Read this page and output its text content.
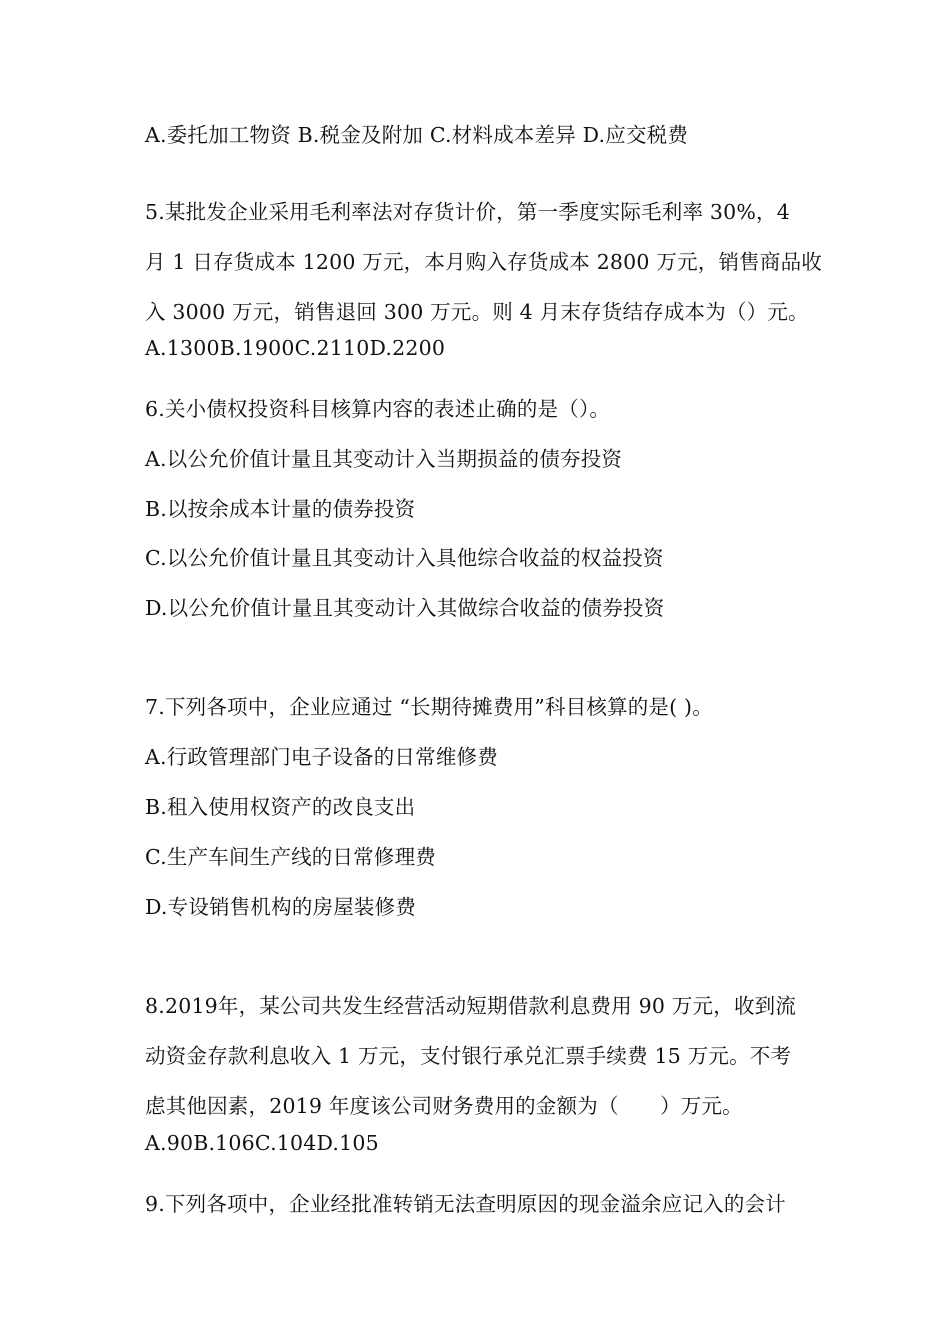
A.委托加工物资 B.税金及附加 C.材料成本差异 D.应交税费
5.某批发企业采用毛利率法对存货计价，第一季度实际毛利率 30%，4
月 1 日存货成本 1200 万元，本月购入存货成本 2800 万元，销售商品收
入 3000 万元，销售退回 300 万元。则 4 月末存货结存成本为（）元。
A.1300B.1900C.2110D.2200
6.关小债权投资科目核算内容的表述止确的是（）。
A.以公允价值计量且其变动计入当期损益的债夯投资
B.以按余成本计量的债券投资
C.以公允价值计量且其变动计入具他综合收益的权益投资
D.以公允价值计量且其变动计入其做综合收益的债券投资
7.下列各项中，企业应通过 “长期待摊费用”科目核算的是( )。
A.行政管理部门电子设备的日常维修费
B.租入使用权资产的改良支出
C.生产车间生产线的日常修理费
D.专设销售机构的房屋装修费
8.2019年，某公司共发生经营活动短期借款利息费用 90 万元，收到流
动资金存款利息收入 1 万元，支付银行承兑汇票手续费 15 万元。不考
虑其他因素，2019 年度该公司财务费用的金额为（　　）万元。
A.90B.106C.104D.105
9.下列各项中，企业经批准转销无法查明原因的现金溢余应记入的会计
